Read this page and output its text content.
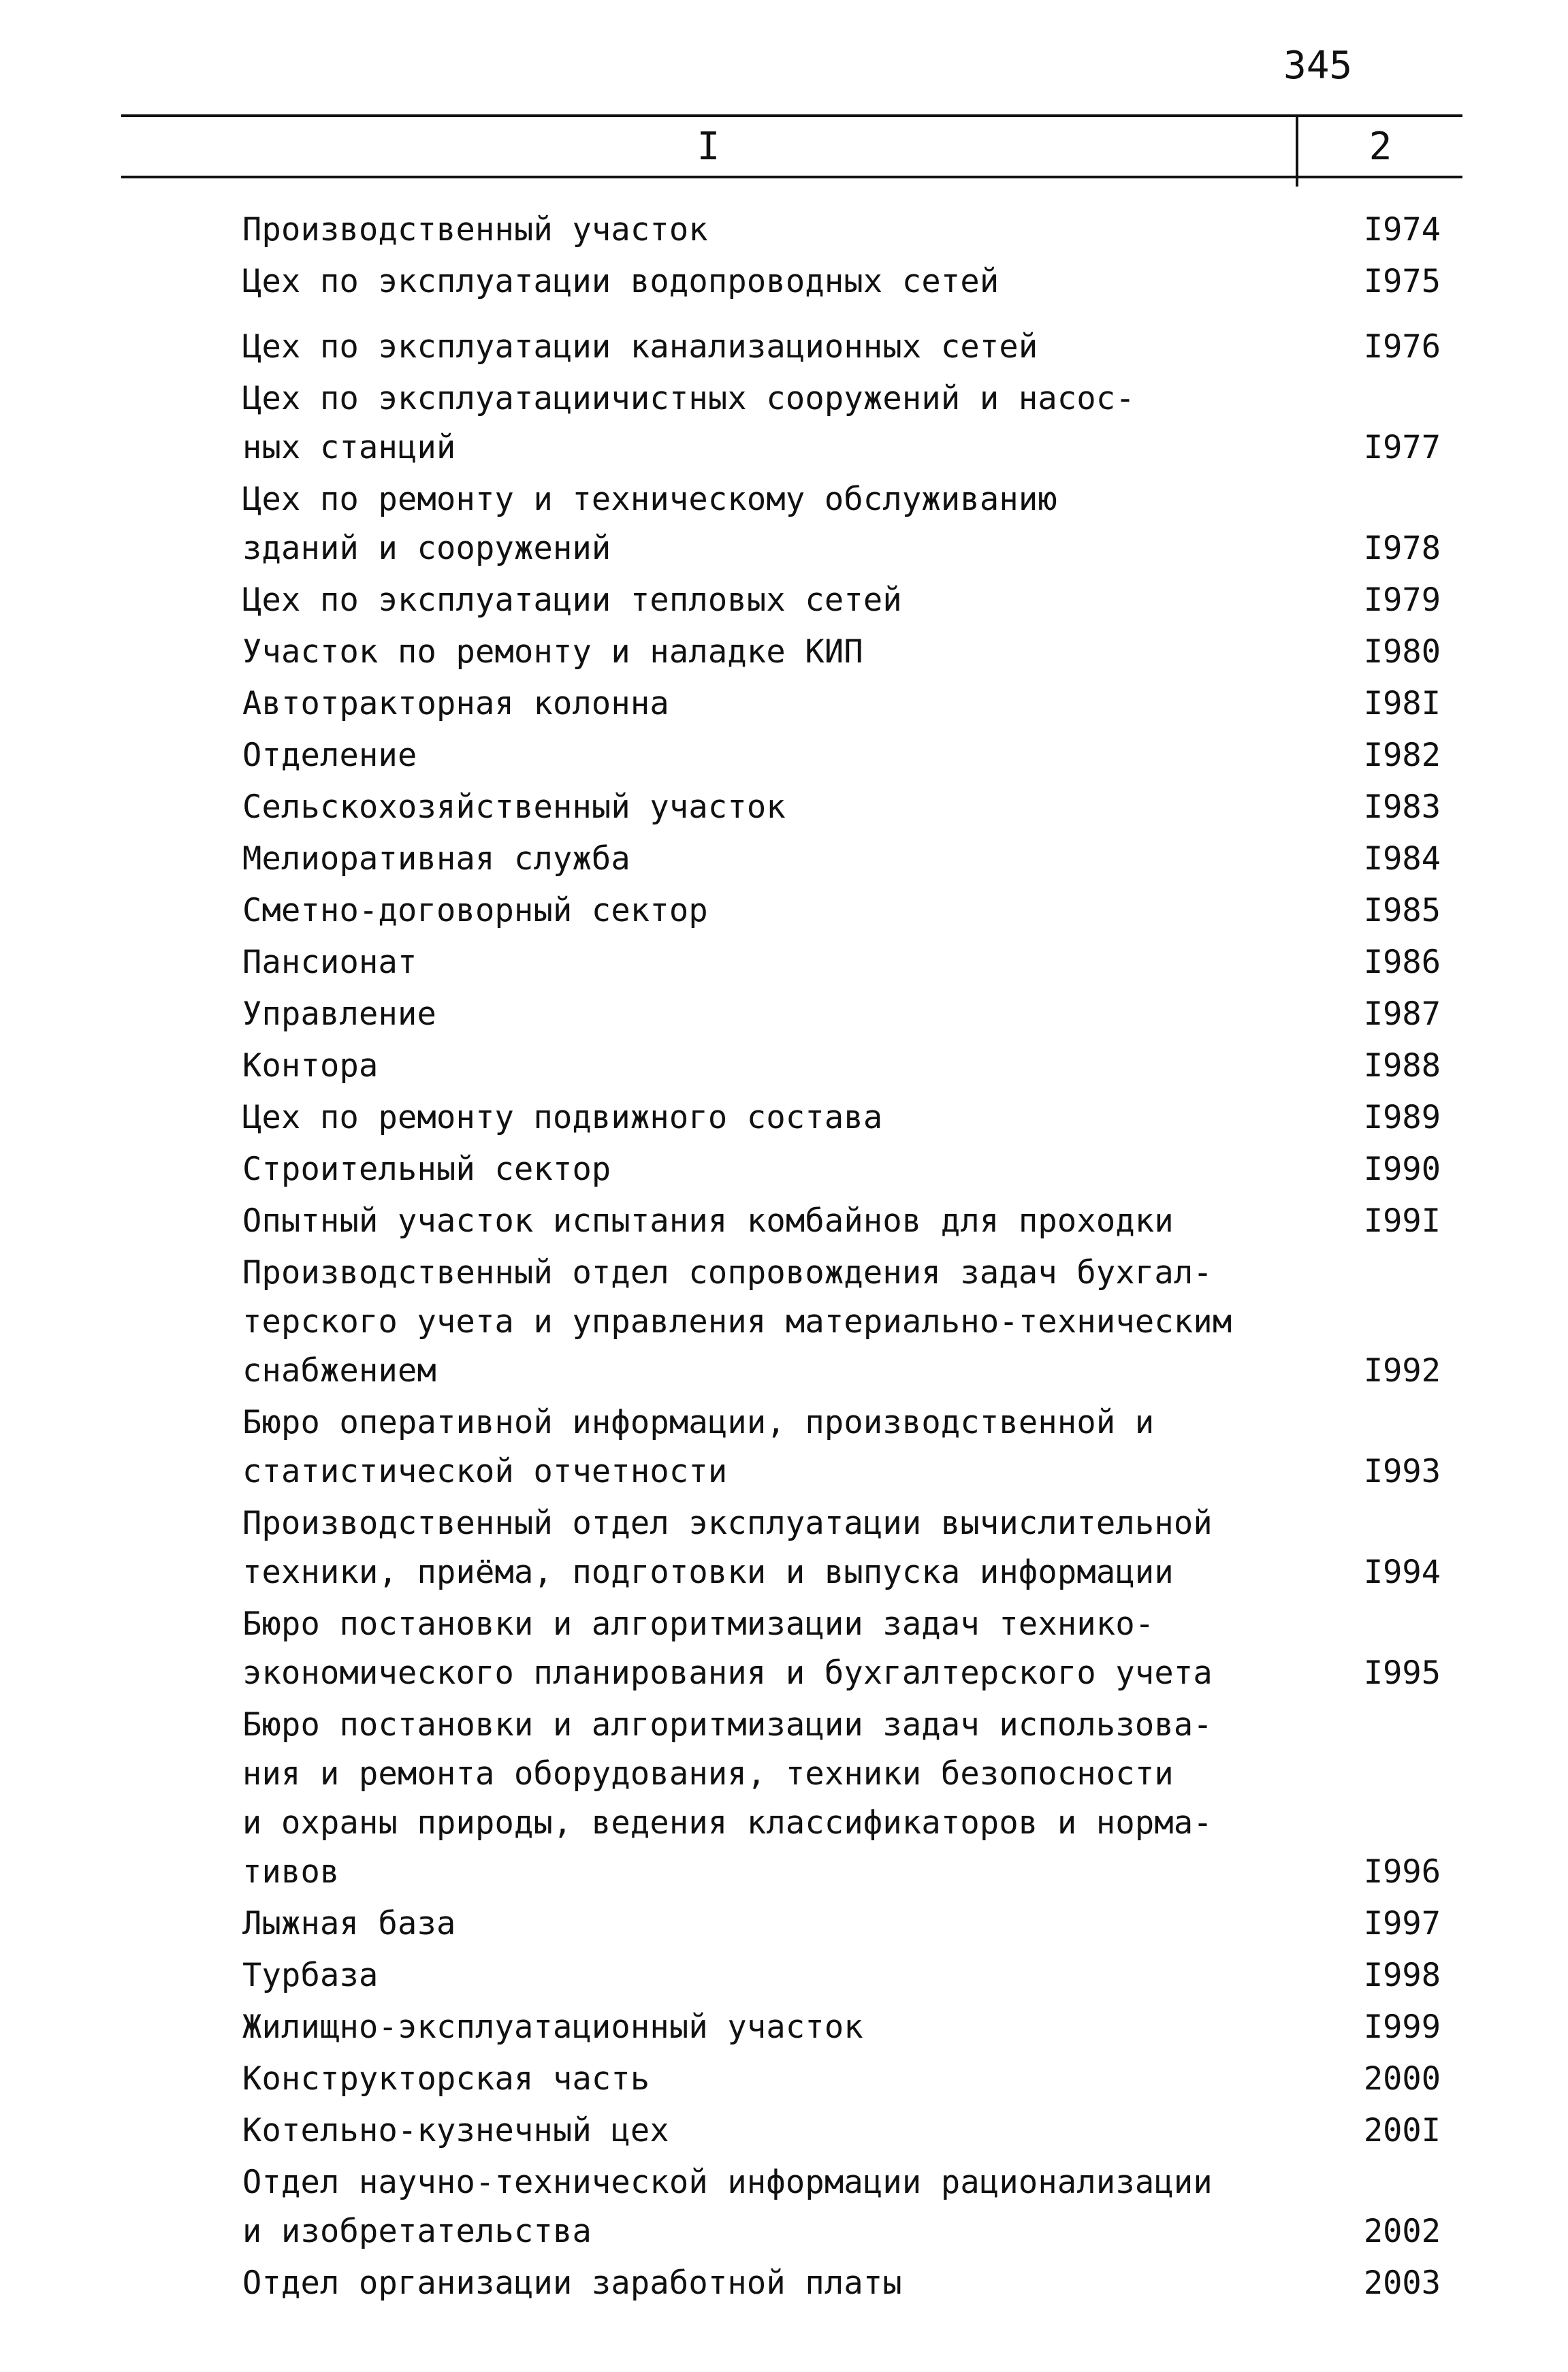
345
I	2
Производственный участок	I974
Цех по эксплуатации водопроводных сетей	I975
Цех по эксплуатации канализационных сетей	I976
Цех по эксплуатациичистных сооружений и насос-
ных станций	I977
Цех по ремонту и техническому обслуживанию
зданий и сооружений	I978
Цех по эксплуатации тепловых сетей	I979
Участок по ремонту и наладке КИП	I980
Автотракторная колонна	I98I
Отделение	I982
Сельскохозяйственный участок	I983
Мелиоративная служба	I984
Сметно-договорный сектор	I985
Пансионат	I986
Управление	I987
Контора	I988
Цех по ремонту подвижного состава	I989
Строительный сектор	I990
Опытный участок испытания комбайнов для проходки	I99I
Производственный отдел сопровождения задач бухгал-
терского учета и управления материально-техническим
снабжением	I992
Бюро оперативной информации, производственной и
статистической отчетности	I993
Производственный отдел эксплуатации вычислительной
техники, приёма, подготовки и выпуска информации	I994
Бюро постановки и алгоритмизации задач технико-
экономического планирования и бухгалтерского учета	I995
Бюро постановки и алгоритмизации задач использова-
ния и ремонта оборудования, техники безопосности
и охраны природы, ведения классификаторов и норма-
тивов	I996
Лыжная база	I997
Турбаза	I998
Жилищно-эксплуатационный участок	I999
Конструкторская часть	2000
Котельно-кузнечный цех	200I
Отдел научно-технической информации рационализации
и изобретательства	2002
Отдел организации заработной платы	2003
